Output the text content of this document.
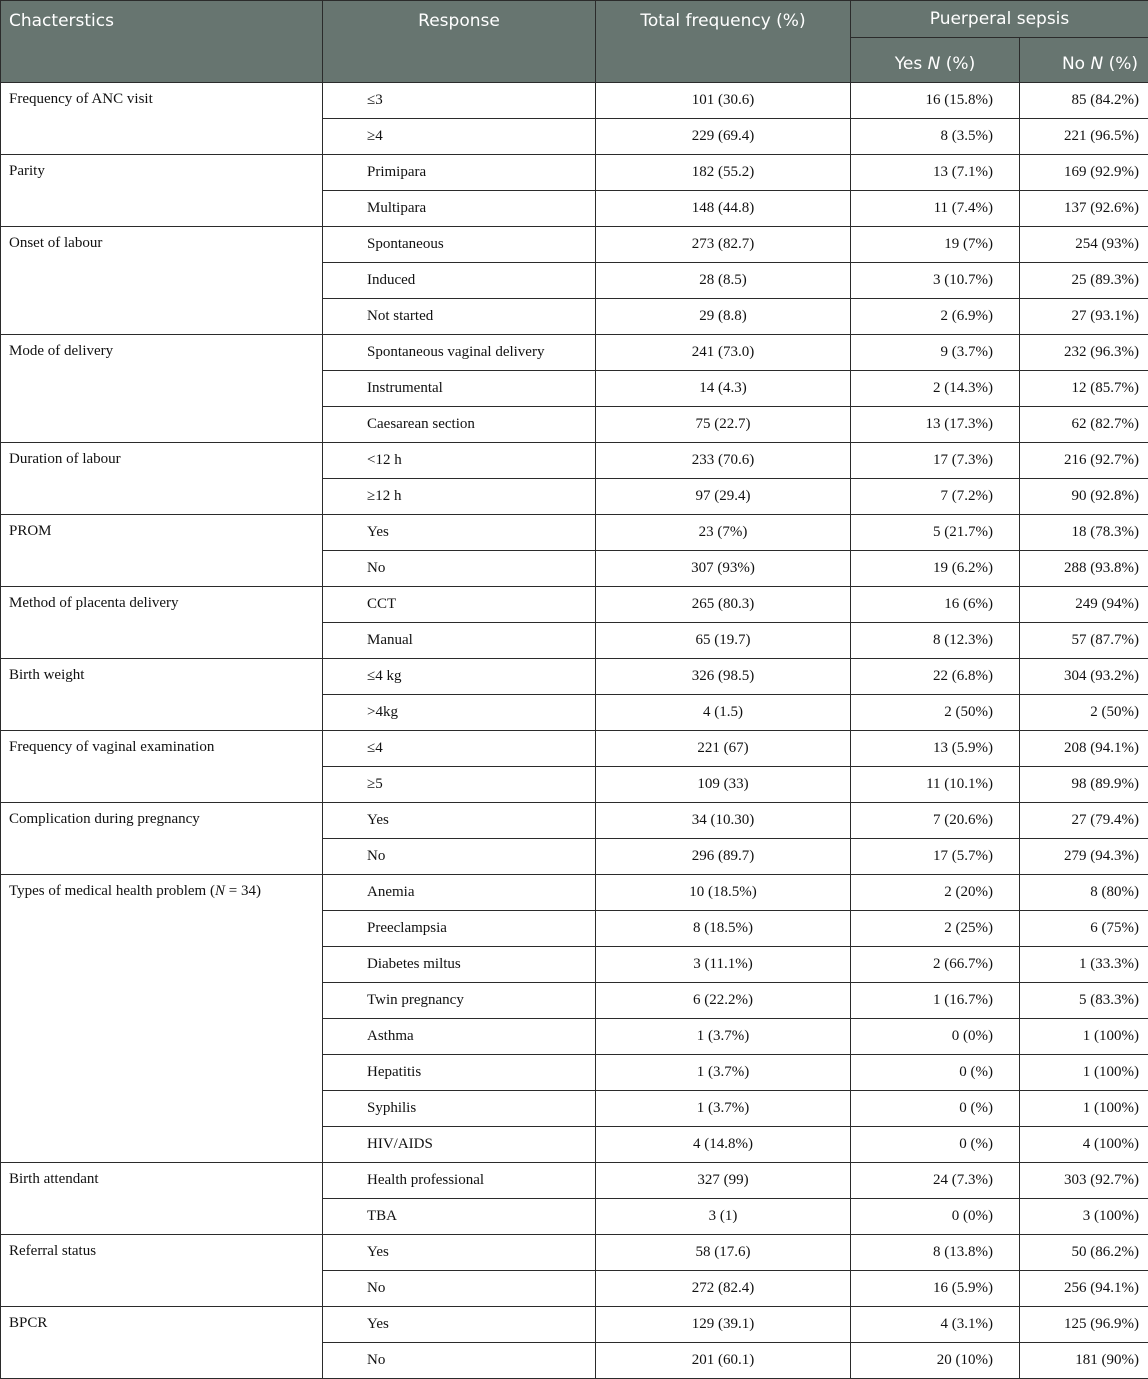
Chacterstics	Response	Total frequency (%)	Puerperal sepsis	
			Yes N (%)	No N (%)
Frequency of ANC visit	≤3	101 (30.6)	16 (15.8%)	85 (84.2%)
	≥4	229 (69.4)	8 (3.5%)	221 (96.5%)
Parity	Primipara	182 (55.2)	13 (7.1%)	169 (92.9%)
	Multipara	148 (44.8)	11 (7.4%)	137 (92.6%)
Onset of labour	Spontaneous	273 (82.7)	19 (7%)	254 (93%)
	Induced	28 (8.5)	3 (10.7%)	25 (89.3%)
	Not started	29 (8.8)	2 (6.9%)	27 (93.1%)
Mode of delivery	Spontaneous vaginal delivery	241 (73.0)	9 (3.7%)	232 (96.3%)
	Instrumental	14 (4.3)	2 (14.3%)	12 (85.7%)
	Caesarean section	75 (22.7)	13 (17.3%)	62 (82.7%)
Duration of labour	<12 h	233 (70.6)	17 (7.3%)	216 (92.7%)
	≥12 h	97 (29.4)	7 (7.2%)	90 (92.8%)
PROM	Yes	23 (7%)	5 (21.7%)	18 (78.3%)
	No	307 (93%)	19 (6.2%)	288 (93.8%)
Method of placenta delivery	CCT	265 (80.3)	16 (6%)	249 (94%)
	Manual	65 (19.7)	8 (12.3%)	57 (87.7%)
Birth weight	≤4 kg	326 (98.5)	22 (6.8%)	304 (93.2%)
	>4kg	4 (1.5)	2 (50%)	2 (50%)
Frequency of vaginal examination	≤4	221 (67)	13 (5.9%)	208 (94.1%)
	≥5	109 (33)	11 (10.1%)	98 (89.9%)
Complication during pregnancy	Yes	34 (10.30)	7 (20.6%)	27 (79.4%)
	No	296 (89.7)	17 (5.7%)	279 (94.3%)
Types of medical health problem (N = 34)	Anemia	10 (18.5%)	2 (20%)	8 (80%)
	Preeclampsia	8 (18.5%)	2 (25%)	6 (75%)
	Diabetes miltus	3 (11.1%)	2 (66.7%)	1 (33.3%)
	Twin pregnancy	6 (22.2%)	1 (16.7%)	5 (83.3%)
	Asthma	1 (3.7%)	0 (0%)	1 (100%)
	Hepatitis	1 (3.7%)	0 (%)	1 (100%)
	Syphilis	1 (3.7%)	0 (%)	1 (100%)
	HIV/AIDS	4 (14.8%)	0 (%)	4 (100%)
Birth attendant	Health professional	327 (99)	24 (7.3%)	303 (92.7%)
	TBA	3 (1)	0 (0%)	3 (100%)
Referral status	Yes	58 (17.6)	8 (13.8%)	50 (86.2%)
	No	272 (82.4)	16 (5.9%)	256 (94.1%)
BPCR	Yes	129 (39.1)	4 (3.1%)	125 (96.9%)
	No	201 (60.1)	20 (10%)	181 (90%)
